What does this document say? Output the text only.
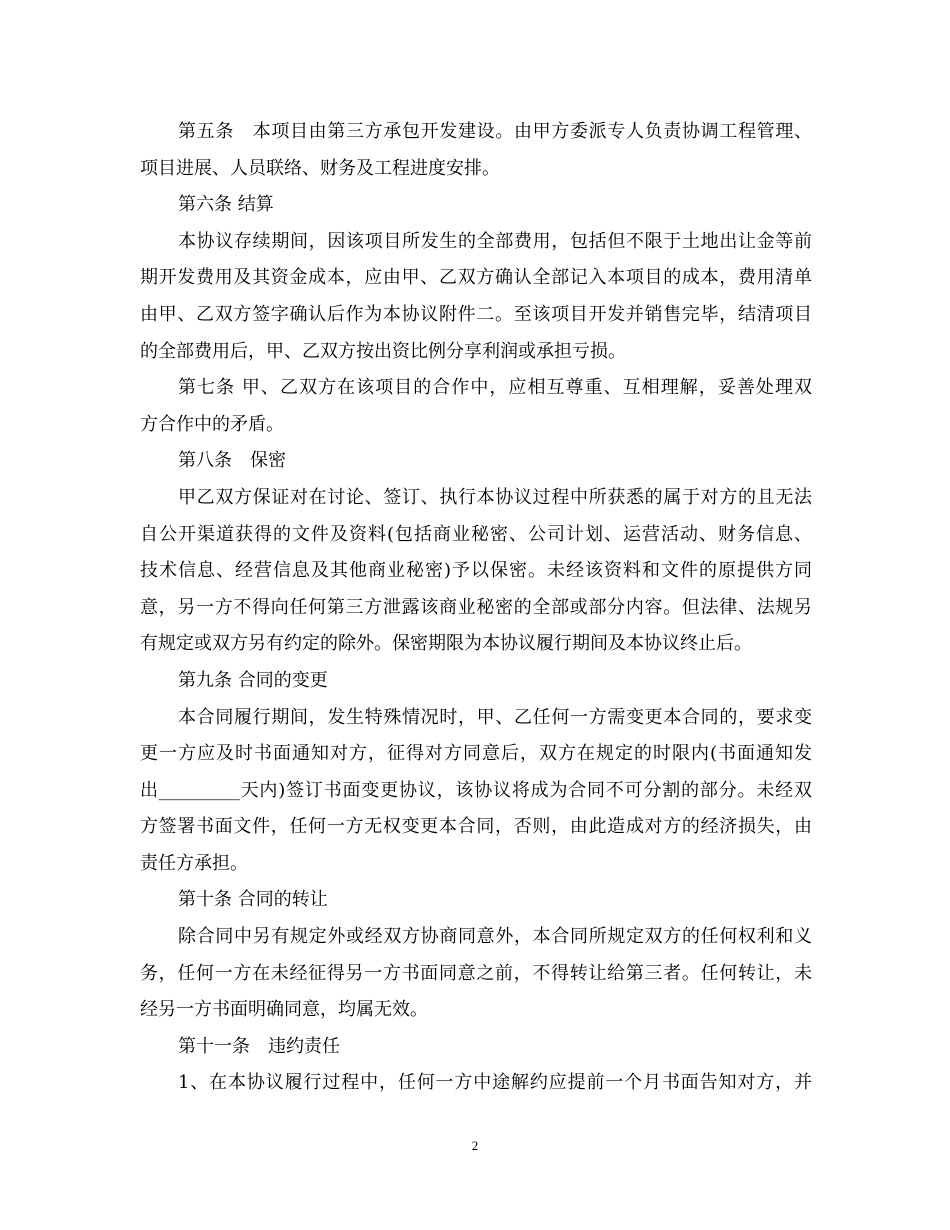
第五条　本项目由第三方承包开发建设。由甲方委派专人负责协调工程管理、
项目进展、人员联络、财务及工程进度安排。
第六条 结算
本协议存续期间，因该项目所发生的全部费用，包括但不限于土地出让金等前
期开发费用及其资金成本，应由甲、乙双方确认全部记入本项目的成本，费用清单
由甲、乙双方签字确认后作为本协议附件二。至该项目开发并销售完毕，结清项目
的全部费用后，甲、乙双方按出资比例分享利润或承担亏损。
第七条 甲、乙双方在该项目的合作中，应相互尊重、互相理解，妥善处理双
方合作中的矛盾。
第八条　保密
甲乙双方保证对在讨论、签订、执行本协议过程中所获悉的属于对方的且无法
自公开渠道获得的文件及资料(包括商业秘密、公司计划、运营活动、财务信息、
技术信息、经营信息及其他商业秘密)予以保密。未经该资料和文件的原提供方同
意，另一方不得向任何第三方泄露该商业秘密的全部或部分内容。但法律、法规另
有规定或双方另有约定的除外。保密期限为本协议履行期间及本协议终止后。
第九条 合同的变更
本合同履行期间，发生特殊情况时，甲、乙任何一方需变更本合同的，要求变
更一方应及时书面通知对方，征得对方同意后，双方在规定的时限内(书面通知发
出_________天内)签订书面变更协议，该协议将成为合同不可分割的部分。未经双
方签署书面文件，任何一方无权变更本合同，否则，由此造成对方的经济损失，由
责任方承担。
第十条 合同的转让
除合同中另有规定外或经双方协商同意外，本合同所规定双方的任何权利和义
务，任何一方在未经征得另一方书面同意之前，不得转让给第三者。任何转让，未
经另一方书面明确同意，均属无效。
第十一条　违约责任
1、在本协议履行过程中，任何一方中途解约应提前一个月书面告知对方，并
2
